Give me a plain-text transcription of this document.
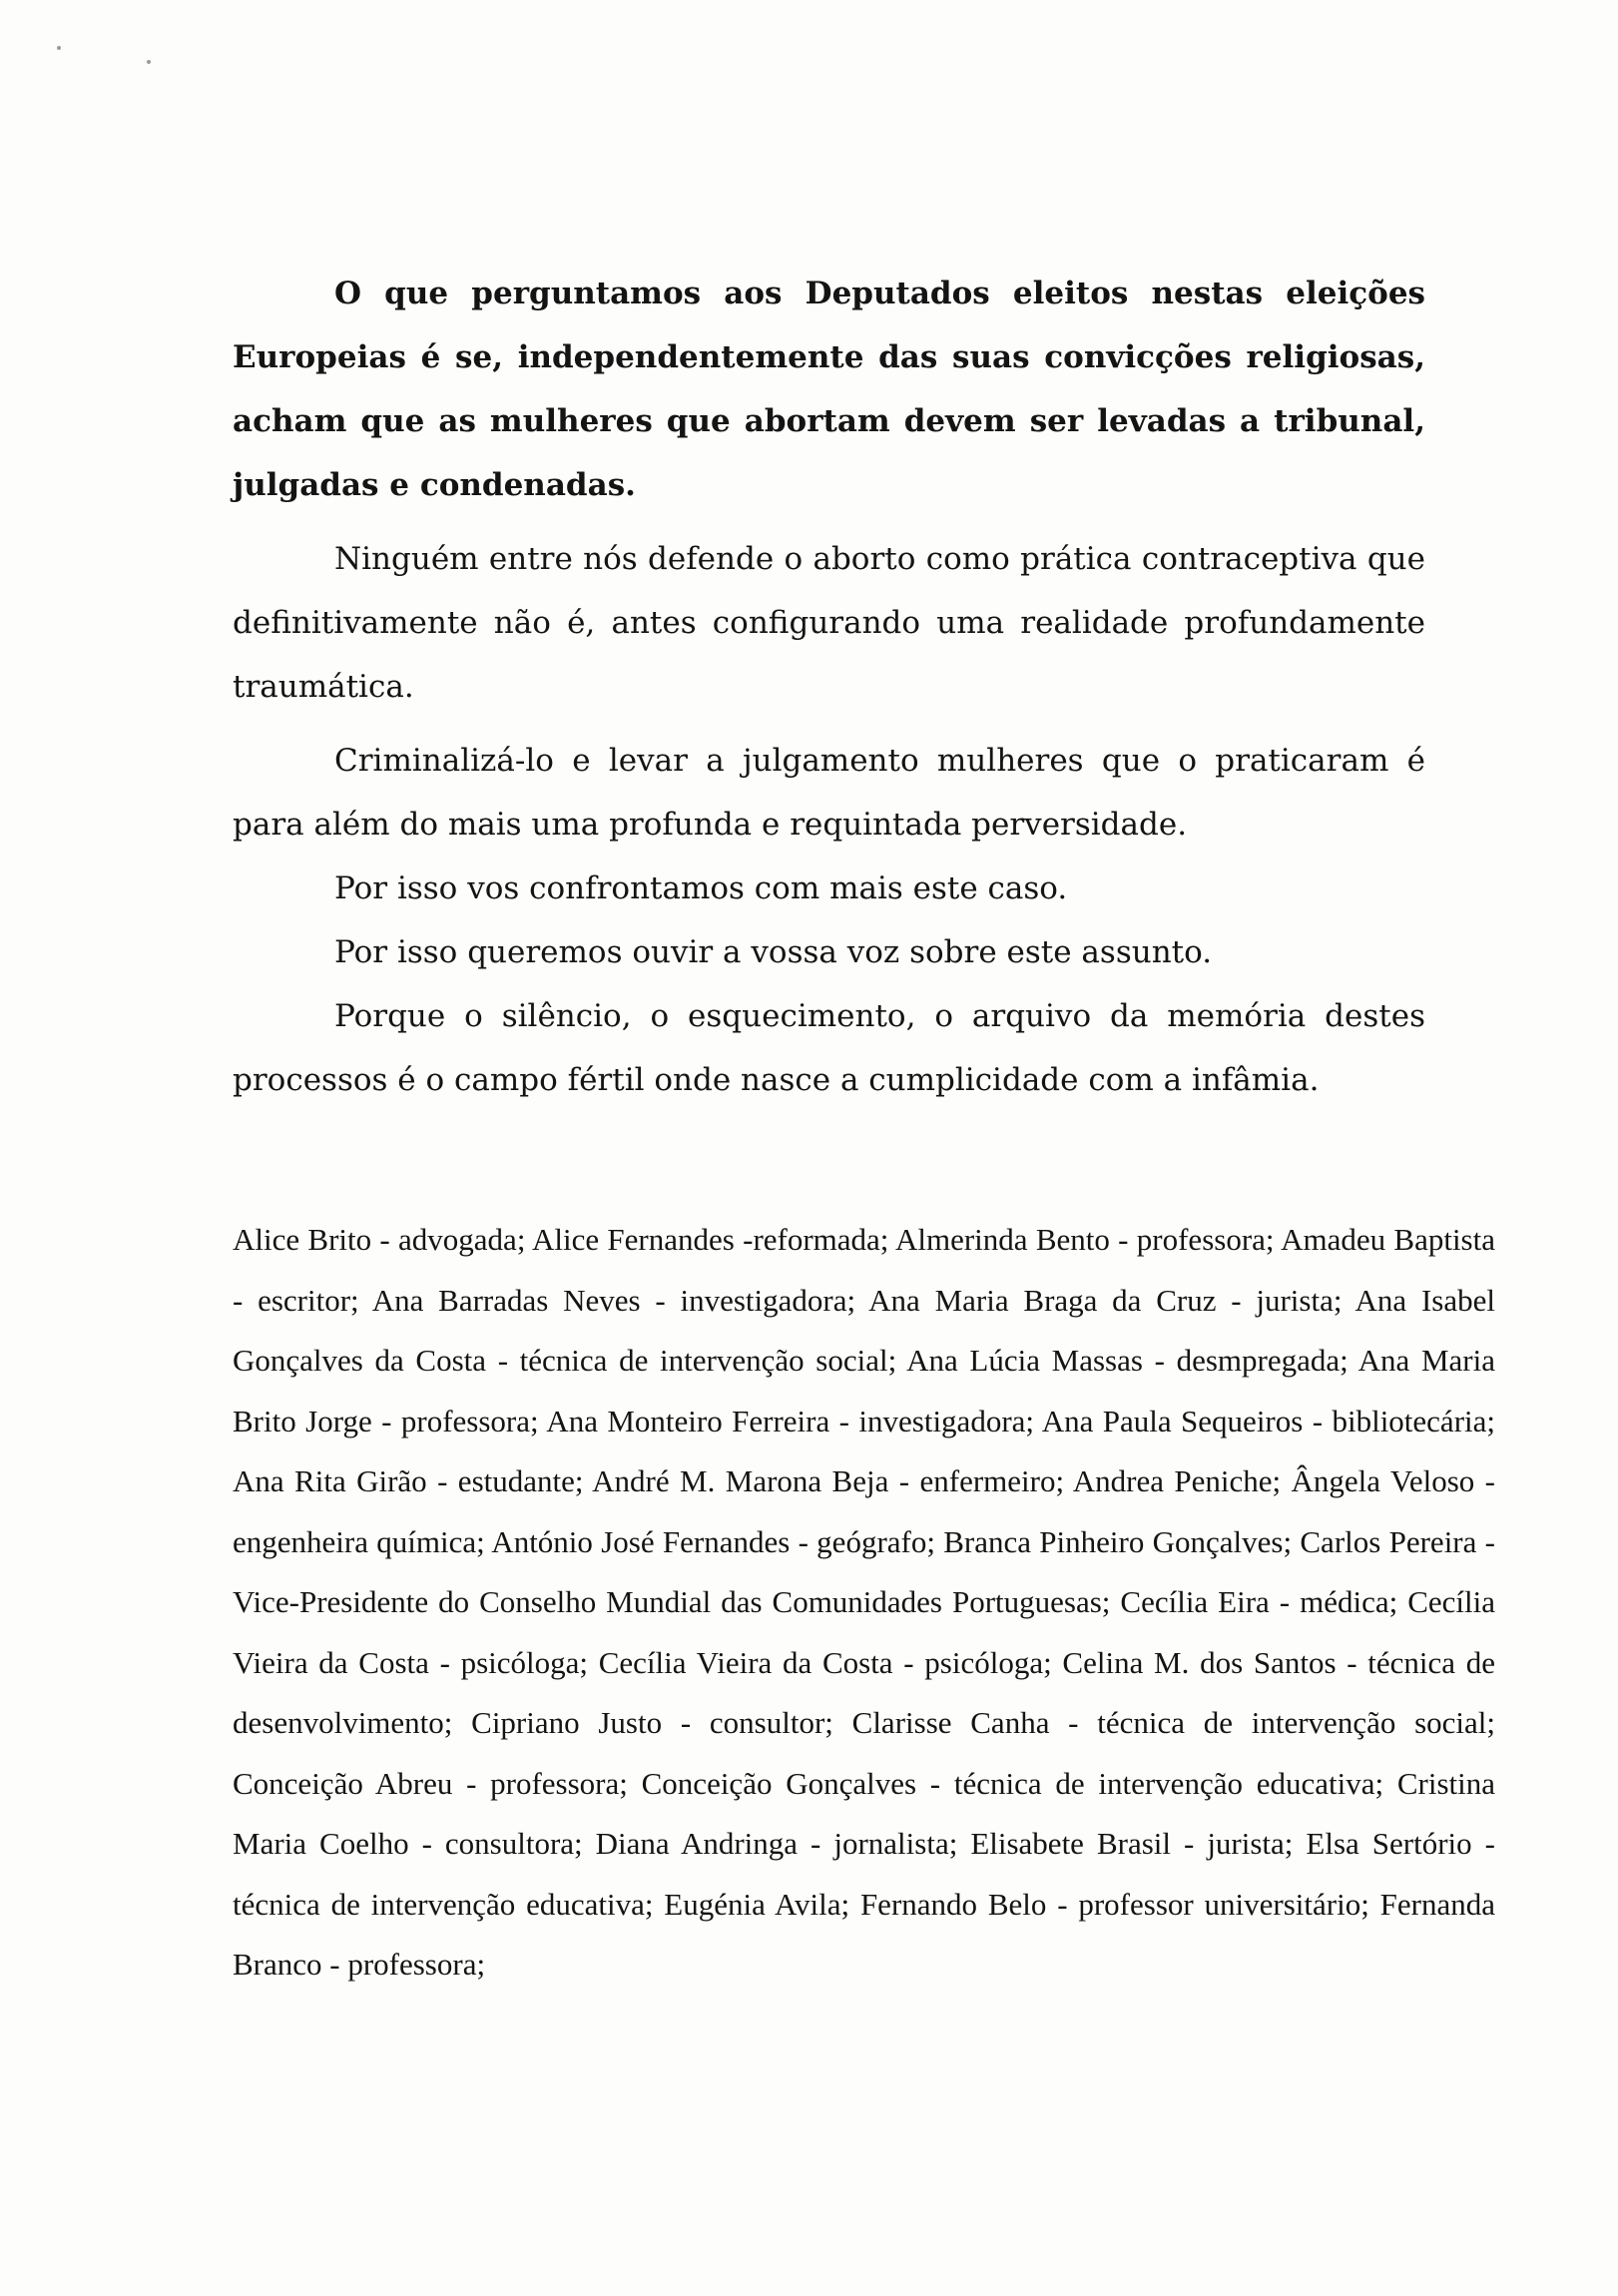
O que perguntamos aos Deputados eleitos nestas eleições Europeias é se, independentemente das suas convicções religiosas, acham que as mulheres que abortam devem ser levadas a tribunal, julgadas e condenadas.

Ninguém entre nós defende o aborto como prática contraceptiva que definitivamente não é, antes configurando uma realidade profundamente traumática.

Criminalizá-lo e levar a julgamento mulheres que o praticaram é para além do mais uma profunda e requintada perversidade.

Por isso vos confrontamos com mais este caso.

Por isso queremos ouvir a vossa voz sobre este assunto.

Porque o silêncio, o esquecimento, o arquivo da memória destes processos é o campo fértil onde nasce a cumplicidade com a infâmia.

Alice Brito - advogada; Alice Fernandes -reformada; Almerinda Bento - professora; Amadeu Baptista - escritor; Ana Barradas Neves - investigadora; Ana Maria Braga da Cruz - jurista; Ana Isabel Gonçalves da Costa - técnica de intervenção social; Ana Lúcia Massas - desmpregada; Ana Maria Brito Jorge - professora; Ana Monteiro Ferreira - investigadora; Ana Paula Sequeiros - bibliotecária; Ana Rita Girão - estudante; André M. Marona Beja - enfermeiro; Andrea Peniche; Ângela Veloso - engenheira química; António José Fernandes - geógrafo; Branca Pinheiro Gonçalves; Carlos Pereira - Vice-Presidente do Conselho Mundial das Comunidades Portuguesas; Cecília Eira - médica; Cecília Vieira da Costa - psicóloga; Cecília Vieira da Costa - psicóloga; Celina M. dos Santos - técnica de desenvolvimento; Cipriano Justo - consultor; Clarisse Canha - técnica de intervenção social; Conceição Abreu - professora; Conceição Gonçalves - técnica de intervenção educativa; Cristina Maria Coelho - consultora; Diana Andringa - jornalista; Elisabete Brasil - jurista; Elsa Sertório - técnica de intervenção educativa; Eugénia Avila; Fernando Belo - professor universitário; Fernanda Branco - professora;
